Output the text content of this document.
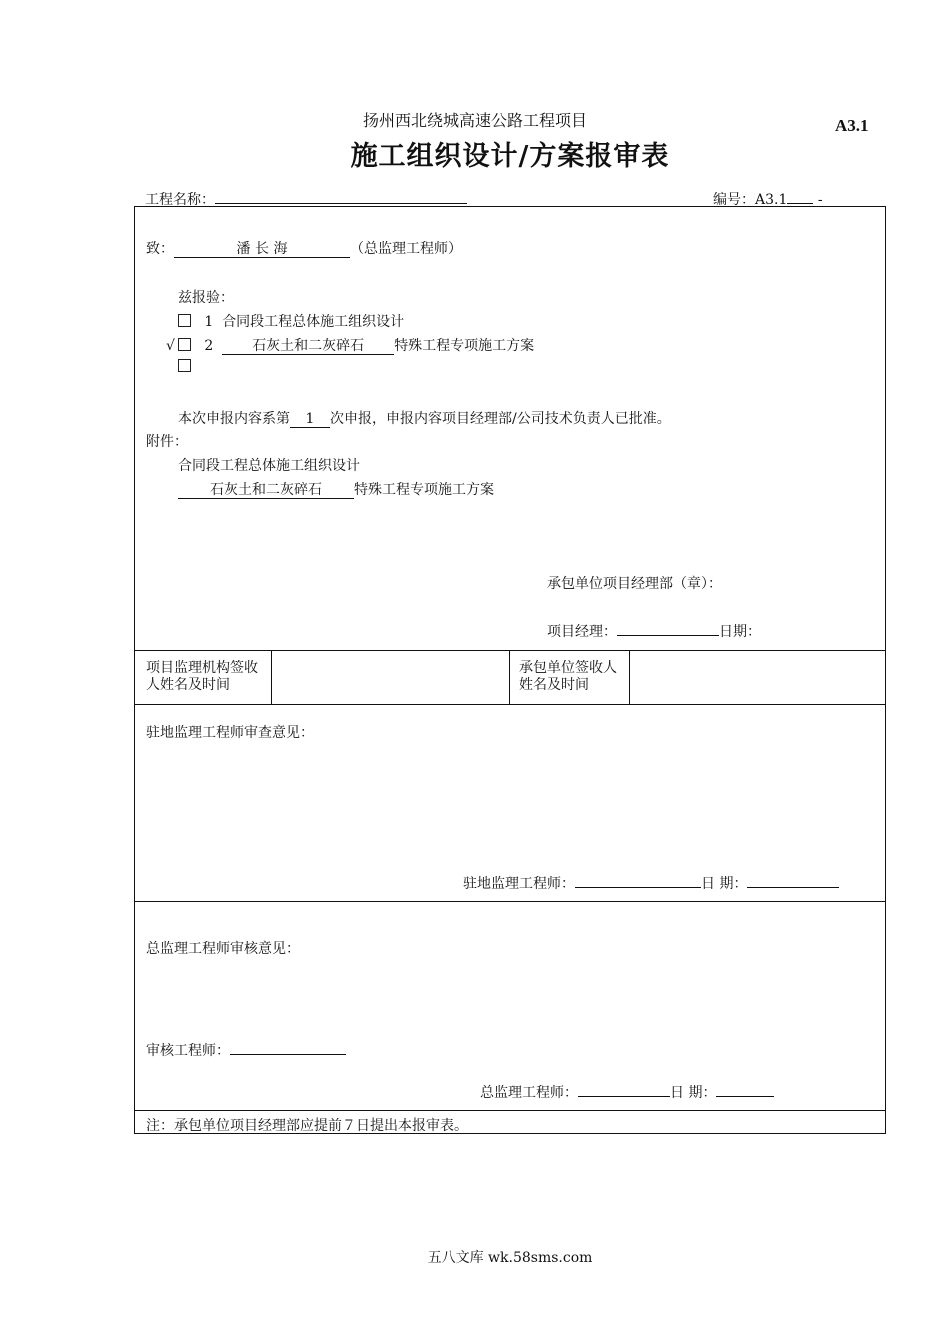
扬州西北绕城高速公路工程项目	A3.1
施工组织设计/方案报审表
工程名称：	编号：A3.1 -
致：	潘 长 海	（总监理工程师）
兹报验：
1 合同段工程总体施工组织设计
√ 2	石灰土和二灰碎石 特殊工程专项施工方案
本次申报内容系第 1 次申报，申报内容项目经理部/公司技术负责人已批准。
附件：
合同段工程总体施工组织设计
石灰土和二灰碎石 特殊工程专项施工方案
承包单位项目经理部（章）：
项目经理：	日期：
项目监理机构签收人姓名及时间
承包单位签收人姓名及时间
驻地监理工程师审查意见：
驻地监理工程师：	日 期：
总监理工程师审核意见：
审核工程师：
总监理工程师：	日 期：
注：承包单位项目经理部应提前７日提出本报审表。
五八文库 wk.58sms.com
